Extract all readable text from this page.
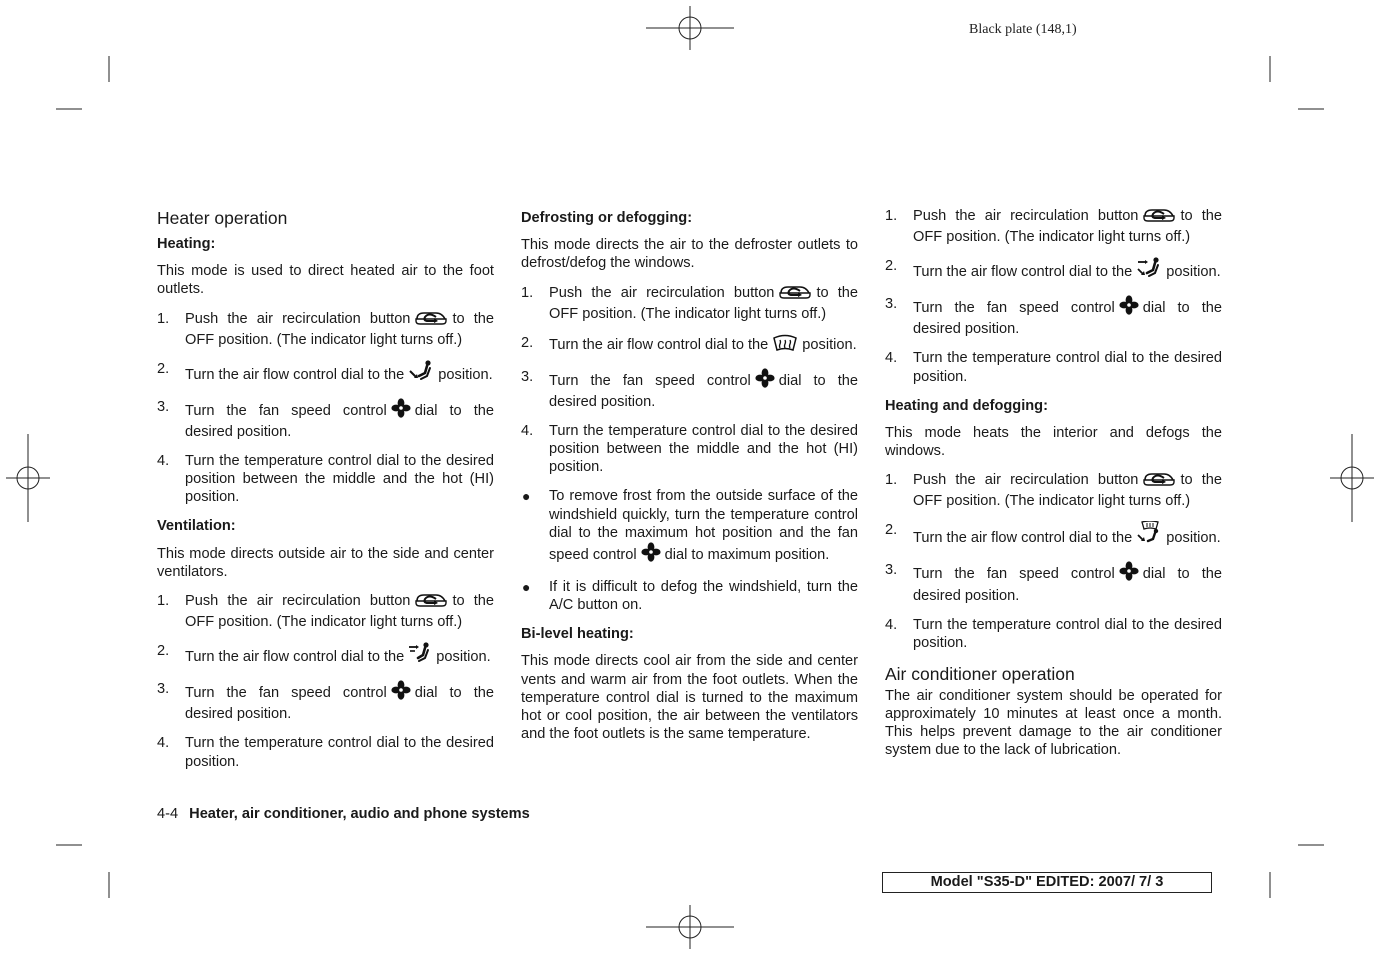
Black plate (148,1)
Heater operation
Heating:

This mode is used to direct heated air to the foot outlets.

1. Push the air recirculation button	to the OFF position. (The indicator light turns off.)
2. Turn the air flow control dial to the position.
3. Turn the fan speed control dial to the desired position.
4. Turn the temperature control dial to the desired position between the middle and the hot (HI) position.
Ventilation:

This mode directs outside air to the side and center ventilators.

1. Push the air recirculation button	to the OFF position. (The indicator light turns off.)
2. Turn the air flow control dial to the position.
3. Turn the fan speed control dial to the desired position.
4. Turn the temperature control dial to the desired position.
Defrosting or defogging:

This mode directs the air to the defroster outlets to defrost/defog the windows.

1. Push the air recirculation button	to the OFF position. (The indicator light turns off.)
2. Turn the air flow control dial to the position.
3. Turn the fan speed control dial to the desired position.
4. Turn the temperature control dial to the desired position between the middle and the hot (HI) position.
● To remove frost from the outside surface of the windshield quickly, turn the temperature control dial to the maximum hot position and the fan speed control dial to maximum position.
● If it is difficult to defog the windshield, turn the A/C button on.
Bi-level heating:

This mode directs cool air from the side and center vents and warm air from the foot outlets. When the temperature control dial is turned to the maximum hot or cool position, the air between the ventilators and the foot outlets is the same temperature.

1. Push the air recirculation button	to the OFF position. (The indicator light turns off.)
2. Turn the air flow control dial to the position.
3. Turn the fan speed control dial to the desired position.
4. Turn the temperature control dial to the desired position.
Heating and defogging:

This mode heats the interior and defogs the windows.

1. Push the air recirculation button	to the OFF position. (The indicator light turns off.)
2. Turn the air flow control dial to the position.
3. Turn the fan speed control dial to the desired position.
4. Turn the temperature control dial to the desired position.
Air conditioner operation

The air conditioner system should be operated for approximately 10 minutes at least once a month. This helps prevent damage to the air conditioner system due to the lack of lubrication.

4-4 Heater, air conditioner, audio and phone systems
Model "S35-D" EDITED: 2007/ 7/ 3
